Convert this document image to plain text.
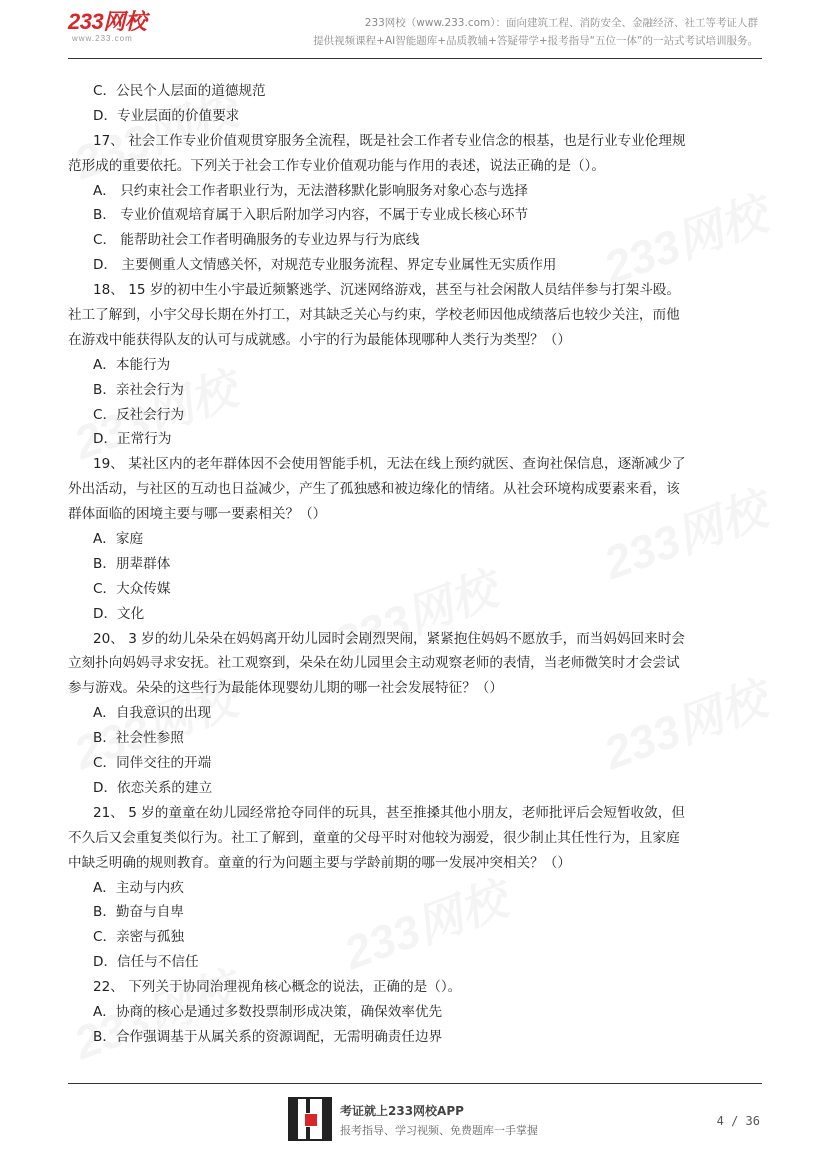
233网校
www.233.com
233网校（www.233.com）：面向建筑工程、消防安全、金融经济、社工等考证人群
提供视频课程+AI智能题库+品质教辅+答疑带学+报考指导“五位一体”的一站式考试培训服务。
C．公民个人层面的道德规范
D．专业层面的价值要求
17、 社会工作专业价值观贯穿服务全流程，既是社会工作者专业信念的根基，也是行业专业伦理规
范形成的重要依托。下列关于社会工作专业价值观功能与作用的表述，说法正确的是（）。
A． 只约束社会工作者职业行为，无法潜移默化影响服务对象心态与选择
B． 专业价值观培育属于入职后附加学习内容，不属于专业成长核心环节
C． 能帮助社会工作者明确服务的专业边界与行为底线
D． 主要侧重人文情感关怀，对规范专业服务流程、界定专业属性无实质作用
18、 15 岁的初中生小宇最近频繁逃学、沉迷网络游戏，甚至与社会闲散人员结伴参与打架斗殴。
社工了解到，小宇父母长期在外打工，对其缺乏关心与约束，学校老师因他成绩落后也较少关注，而他
在游戏中能获得队友的认可与成就感。小宇的行为最能体现哪种人类行为类型？（）
A．本能行为
B．亲社会行为
C．反社会行为
D．正常行为
19、 某社区内的老年群体因不会使用智能手机，无法在线上预约就医、查询社保信息，逐渐减少了
外出活动，与社区的互动也日益减少，产生了孤独感和被边缘化的情绪。从社会环境构成要素来看，该
群体面临的困境主要与哪一要素相关？（）
A．家庭
B．朋辈群体
C．大众传媒
D．文化
20、 3 岁的幼儿朵朵在妈妈离开幼儿园时会剧烈哭闹，紧紧抱住妈妈不愿放手，而当妈妈回来时会
立刻扑向妈妈寻求安抚。社工观察到，朵朵在幼儿园里会主动观察老师的表情，当老师微笑时才会尝试
参与游戏。朵朵的这些行为最能体现婴幼儿期的哪一社会发展特征？（）
A．自我意识的出现
B．社会性参照
C．同伴交往的开端
D．依恋关系的建立
21、 5 岁的童童在幼儿园经常抢夺同伴的玩具，甚至推搡其他小朋友，老师批评后会短暂收敛，但
不久后又会重复类似行为。社工了解到，童童的父母平时对他较为溺爱，很少制止其任性行为，且家庭
中缺乏明确的规则教育。童童的行为问题主要与学龄前期的哪一发展冲突相关？（）
A．主动与内疚
B．勤奋与自卑
C．亲密与孤独
D．信任与不信任
22、 下列关于协同治理视角核心概念的说法，正确的是（）。
A．协商的核心是通过多数投票制形成决策，确保效率优先
B．合作强调基于从属关系的资源调配，无需明确责任边界
考证就上233网校APP
报考指导、学习视频、免费题库一手掌握
4 / 36
